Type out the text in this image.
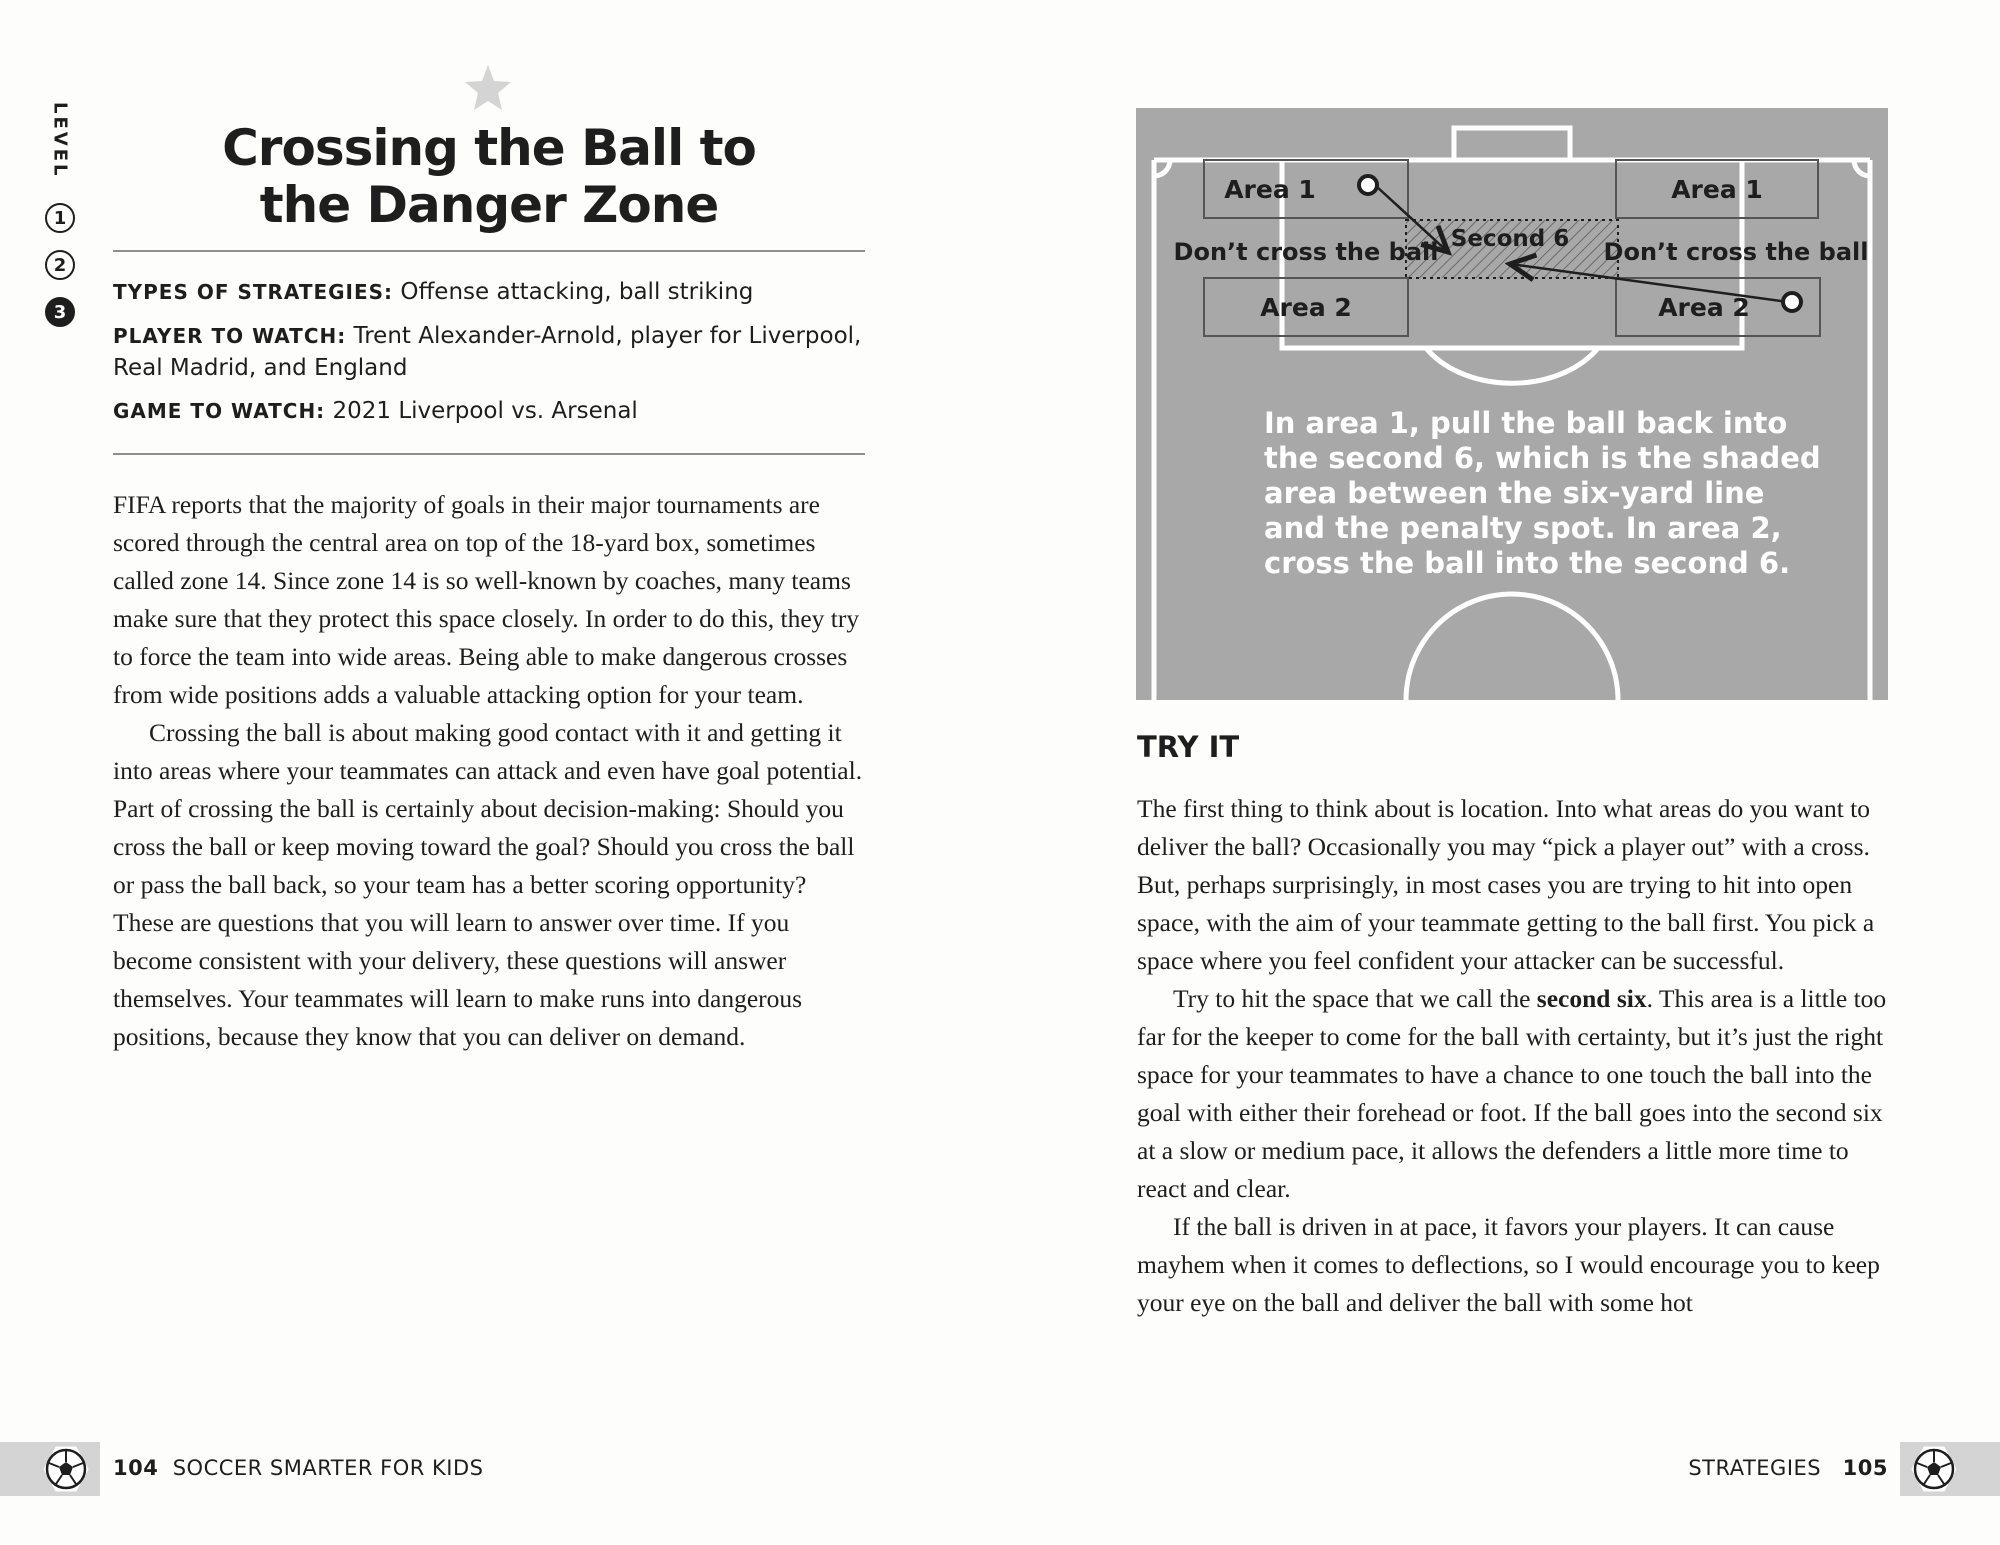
LEVEL
1
2
3
Crossing the Ball to
the Danger Zone
TYPES OF STRATEGIES: Offense attacking, ball striking
PLAYER TO WATCH: Trent Alexander-Arnold, player for Liverpool, Real Madrid, and England
GAME TO WATCH: 2021 Liverpool vs. Arsenal

FIFA reports that the majority of goals in their major tournaments are scored through the central area on top of the 18-yard box, sometimes called zone 14. Since zone 14 is so well-known by coaches, many teams make sure that they protect this space closely. In order to do this, they try to force the team into wide areas. Being able to make dangerous crosses from wide positions adds a valuable attacking option for your team.

Crossing the ball is about making good contact with it and getting it into areas where your teammates can attack and even have goal potential. Part of crossing the ball is certainly about decision-making: Should you cross the ball or keep moving toward the goal? Should you cross the ball or pass the ball back, so your team has a better scoring opportunity? These are questions that you will learn to answer over time. If you become consistent with your delivery, these questions will answer themselves. Your teammates will learn to make runs into dangerous positions, because they know that you can deliver on demand.

Area 1	Area 1
Don’t cross the ball	Don’t cross the ball
Second 6
Area 2	Area 2
In area 1, pull the ball back into
the second 6, which is the shaded
area between the six-yard line
and the penalty spot. In area 2,
cross the ball into the second 6.
TRY IT

The first thing to think about is location. Into what areas do you want to deliver the ball? Occasionally you may “pick a player out” with a cross. But, perhaps surprisingly, in most cases you are trying to hit into open space, with the aim of your teammate getting to the ball first. You pick a space where you feel confident your attacker can be successful.

Try to hit the space that we call the second six. This area is a little too far for the keeper to come for the ball with certainty, but it’s just the right space for your teammates to have a chance to one touch the ball into the goal with either their forehead or foot. If the ball goes into the second six at a slow or medium pace, it allows the defenders a little more time to react and clear.

If the ball is driven in at pace, it favors your players. It can cause mayhem when it comes to deflections, so I would encourage you to keep your eye on the ball and deliver the ball with some hot

104 SOCCER SMARTER FOR KIDS	STRATEGIES 105
